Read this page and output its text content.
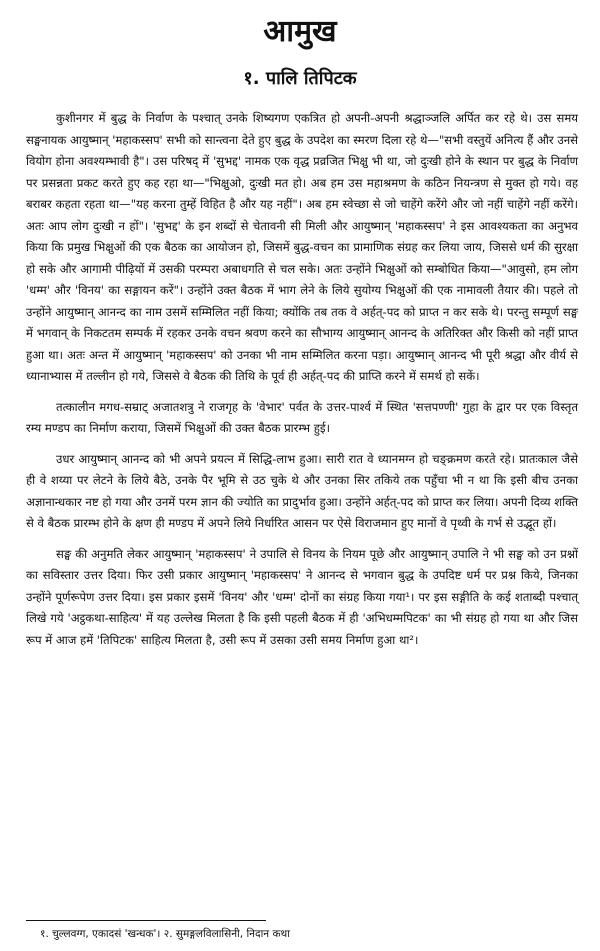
आमुख
१. पालि तिपिटक

कुशीनगर में बुद्ध के निर्वाण के पश्चात् उनके शिष्यगण एकत्रित हो अपनी-अपनी श्रद्धाञ्जलि अर्पित कर रहे थे। उस समय सङ्घनायक आयुष्मान् 'महाकस्सप' सभी को सान्त्वना देते हुए बुद्ध के उपदेश का स्मरण दिला रहे थे—"सभी वस्तुयें अनित्य हैं और उनसे वियोग होना अवश्यम्भावी है"। उस परिषद् में 'सुभद्द' नामक एक वृद्ध प्रव्रजित भिक्षु भी था, जो दुःखी होने के स्थान पर बुद्ध के निर्वाण पर प्रसन्नता प्रकट करते हुए कह रहा था—"भिक्षुओ, दुःखी मत हो। अब हम उस महाश्रमण के कठिन नियन्त्रण से मुक्त हो गये। वह बराबर कहता रहता था—"यह करना तुम्हें विहित है और यह नहीं"। अब हम स्वेच्छा से जो चाहेंगे करेंगे और जो नहीं चाहेंगे नहीं करेंगे। अतः आप लोग दुःखी न हों"। 'सुभद्द' के इन शब्दों से चेतावनी सी मिली और आयुष्मान् 'महाकस्सप' ने इस आवश्यकता का अनुभव किया कि प्रमुख भिक्षुओं की एक बैठक का आयोजन हो, जिसमें बुद्ध-वचन का प्रामाणिक संग्रह कर लिया जाय, जिससे धर्म की सुरक्षा हो सके और आगामी पीढ़ियों में उसकी परम्परा अबाधगति से चल सके। अतः उन्होंने भिक्षुओं को सम्बोधित किया—"आवुसो, हम लोग 'धम्म' और 'विनय' का सङ्गायन करें"। उन्होंने उक्त बैठक में भाग लेने के लिये सुयोग्य भिक्षुओं की एक नामावली तैयार की। पहले तो उन्होंने आयुष्मान् आनन्द का नाम उसमें सम्मिलित नहीं किया; क्योंकि तब तक वे अर्हत्-पद को प्राप्त न कर सके थे। परन्तु सम्पूर्ण सङ्घ में भगवान् के निकटतम सम्पर्क में रहकर उनके वचन श्रवण करने का सौभाग्य आयुष्मान् आनन्द के अतिरिक्त और किसी को नहीं प्राप्त हुआ था। अतः अन्त में आयुष्मान् 'महाकस्सप' को उनका भी नाम सम्मिलित करना पड़ा। आयुष्मान् आनन्द भी पूरी श्रद्धा और वीर्य से ध्यानाभ्यास में तल्लीन हो गये, जिससे वे बैठक की तिथि के पूर्व ही अर्हत्-पद की प्राप्ति करने में समर्थ हो सकें।

तत्कालीन मगध-सम्राट् अजातशत्रु ने राजगृह के 'वेभार' पर्वत के उत्तर-पार्श्व में स्थित 'सत्तपण्णी' गुहा के द्वार पर एक विस्तृत रम्य मण्डप का निर्माण कराया, जिसमें भिक्षुओं की उक्त बैठक प्रारम्भ हुई।

उधर आयुष्मान् आनन्द को भी अपने प्रयत्न में सिद्धि-लाभ हुआ। सारी रात वे ध्यानमग्न हो चङ्क्रमण करते रहे। प्रातःकाल जैसे ही वे शय्या पर लेटने के लिये बैठे, उनके पैर भूमि से उठ चुके थे और उनका सिर तकिये तक पहुँचा भी न था कि इसी बीच उनका अज्ञानान्धकार नष्ट हो गया और उनमें परम ज्ञान की ज्योति का प्रादुर्भाव हुआ। उन्होंने अर्हत्-पद को प्राप्त कर लिया। अपनी दिव्य शक्ति से वे बैठक प्रारम्भ होने के क्षण ही मण्डप में अपने लिये निर्धारित आसन पर ऐसे विराजमान हुए मानों वे पृथ्वी के गर्भ से उद्भूत हों।

सङ्घ की अनुमति लेकर आयुष्मान् 'महाकस्सप' ने उपालि से विनय के नियम पूछे और आयुष्मान् उपालि ने भी सङ्घ को उन प्रश्नों का सविस्तार उत्तर दिया। फिर उसी प्रकार आयुष्मान् 'महाकस्सप' ने आनन्द से भगवान बुद्ध के उपदिष्ट धर्म पर प्रश्न किये, जिनका उन्होंने पूर्णरूपेण उत्तर दिया। इस प्रकार इसमें 'विनय' और 'धम्म' दोनों का संग्रह किया गया¹। पर इस सङ्गीति के कई शताब्दी पश्चात् लिखे गये 'अट्ठकथा-साहित्य' में यह उल्लेख मिलता है कि इसी पहली बैठक में ही 'अभिधम्मपिटक' का भी संग्रह हो गया था और जिस रूप में आज हमें 'तिपिटक' साहित्य मिलता है, उसी रूप में उसका उसी समय निर्माण हुआ था²।

१. चुल्लवग्ग, एकादसं 'खन्धक'। २. सुमङ्गलविलासिनी, निदान कथा
